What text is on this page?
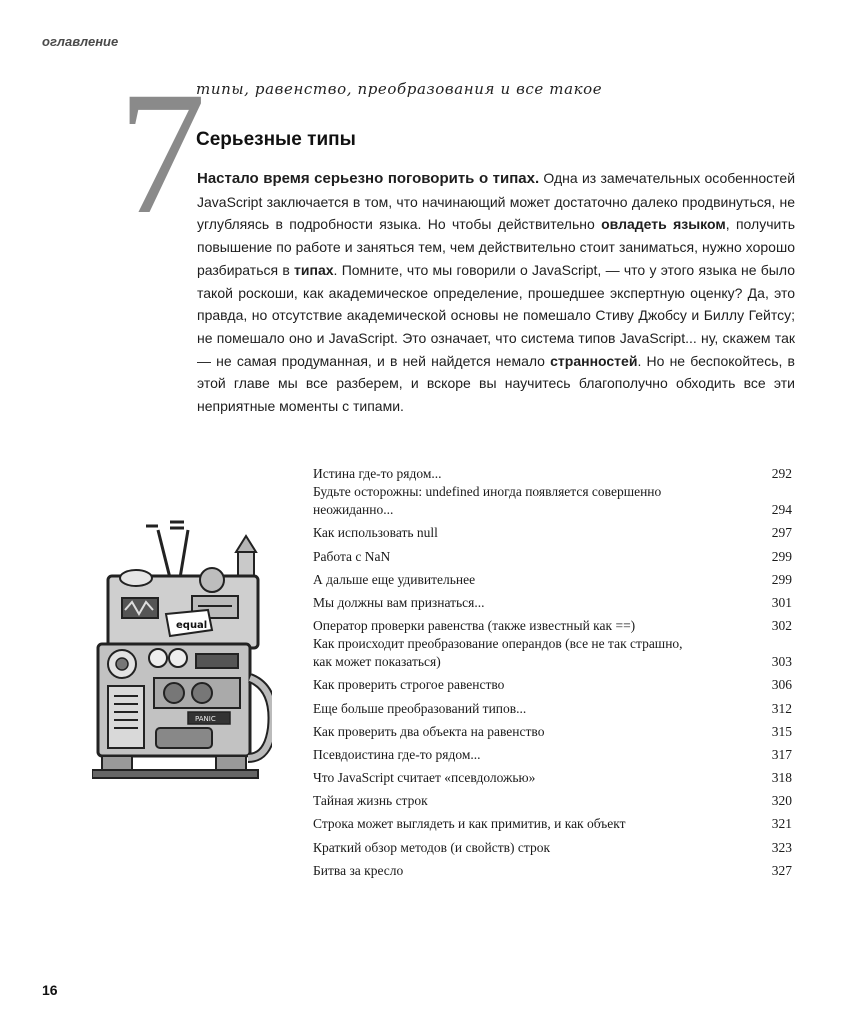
оглавление
7
типы, равенство, преобразования и все такое
Серьезные типы
Настало время серьезно поговорить о типах. Одна из замечательных особенностей JavaScript заключается в том, что начинающий может достаточно далеко продвинуться, не углубляясь в подробности языка. Но чтобы действительно овладеть языком, получить повышение по работе и заняться тем, чем действительно стоит заниматься, нужно хорошо разбираться в типах. Помните, что мы говорили о JavaScript, — что у этого языка не было такой роскоши, как академическое определение, прошедшее экспертную оценку? Да, это правда, но отсутствие академической основы не помешало Стиву Джобсу и Биллу Гейтсу; не помешало оно и JavaScript. Это означает, что система типов JavaScript... ну, скажем так — не самая продуманная, и в ней найдется немало странностей. Но не беспокойтесь, в этой главе мы все разберем, и вскоре вы научитесь благополучно обходить все эти неприятные моменты с типами.
equal
PANIC
Истина где-то рядом...	292
Будьте осторожны: undefined иногда появляется совершенно неожиданно...	294
Как использовать null	297
Работа с NaN	299
А дальше еще удивительнее	299
Мы должны вам признаться...	301
Оператор проверки равенства (также известный как ==)	302
Как происходит преобразование операндов (все не так страшно, как может показаться)	303
Как проверить строгое равенство	306
Еще больше преобразований типов...	312
Как проверить два объекта на равенство	315
Псевдоистина где-то рядом...	317
Что JavaScript считает «псевдоложью»	318
Тайная жизнь строк	320
Строка может выглядеть и как примитив, и как объект	321
Краткий обзор методов (и свойств) строк	323
Битва за кресло	327
16
